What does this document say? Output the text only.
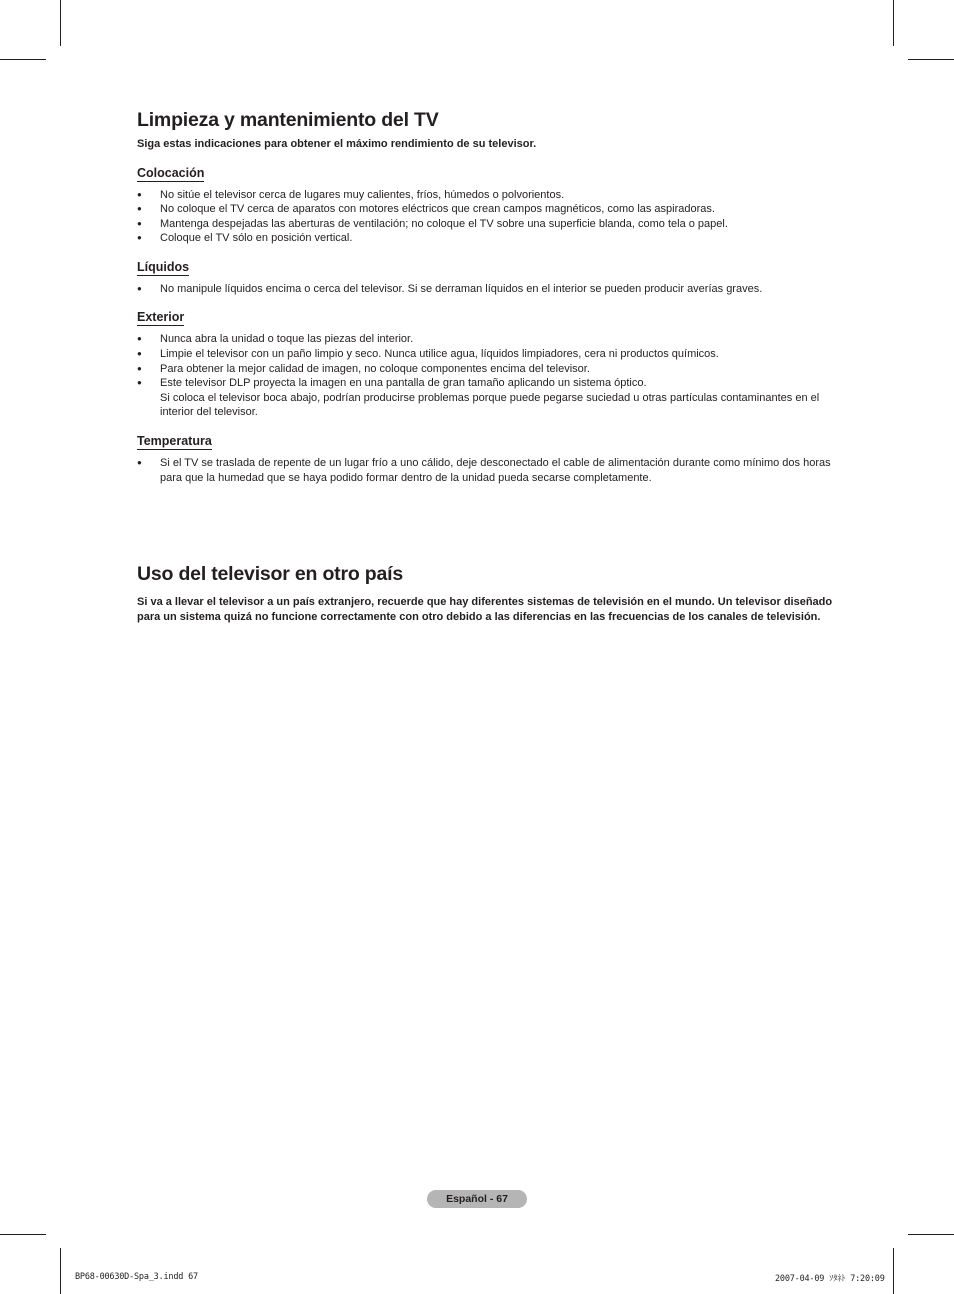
Limpieza y mantenimiento del TV

Siga estas indicaciones para obtener el máximo rendimiento de su televisor.

Colocación
● No sitúe el televisor cerca de lugares muy calientes, fríos, húmedos o polvorientos.
● No coloque el TV cerca de aparatos con motores eléctricos que crean campos magnéticos, como las aspiradoras.
● Mantenga despejadas las aberturas de ventilación; no coloque el TV sobre una superficie blanda, como tela o papel.
● Coloque el TV sólo en posición vertical.
Líquidos
● No manipule líquidos encima o cerca del televisor. Si se derraman líquidos en el interior se pueden producir averías graves.
Exterior
● Nunca abra la unidad o toque las piezas del interior.
● Limpie el televisor con un paño limpio y seco. Nunca utilice agua, líquidos limpiadores, cera ni productos químicos.
● Para obtener la mejor calidad de imagen, no coloque componentes encima del televisor.
● Este televisor DLP proyecta la imagen en una pantalla de gran tamaño aplicando un sistema óptico.
Si coloca el televisor boca abajo, podrían producirse problemas porque puede pegarse suciedad u otras partículas contaminantes en el interior del televisor.
Temperatura
● Si el TV se traslada de repente de un lugar frío a uno cálido, deje desconectado el cable de alimentación durante como mínimo dos horas para que la humedad que se haya podido formar dentro de la unidad pueda secarse completamente.
Uso del televisor en otro país

Si va a llevar el televisor a un país extranjero, recuerde que hay diferentes sistemas de televisión en el mundo. Un televisor diseñado para un sistema quizá no funcione correctamente con otro debido a las diferencias en las frecuencias de los canales de televisión.

Español - 67
BP68-00630D-Spa_3.indd 67	2007-04-09 ｿﾀﾈﾄ 7:20:09
